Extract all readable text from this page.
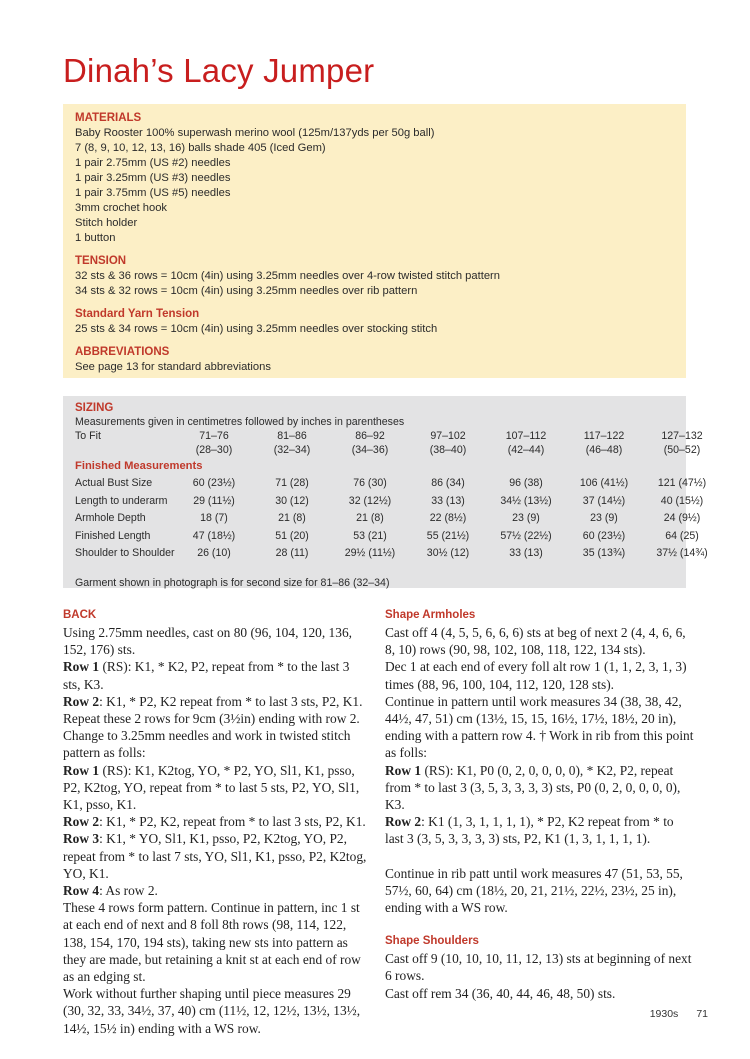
Dinah’s Lacy Jumper
MATERIALS
Baby Rooster 100% superwash merino wool (125m/137yds per 50g ball)
7 (8, 9, 10, 12, 13, 16) balls shade 405 (Iced Gem)
1 pair 2.75mm (US #2) needles
1 pair 3.25mm (US #3) needles
1 pair 3.75mm (US #5) needles
3mm crochet hook
Stitch holder
1 button
TENSION
32 sts & 36 rows = 10cm (4in) using 3.25mm needles over 4-row twisted stitch pattern
34 sts & 32 rows = 10cm (4in) using 3.25mm needles over rib pattern
Standard Yarn Tension
25 sts & 34 rows = 10cm (4in) using 3.25mm needles over stocking stitch
ABBREVIATIONS
See page 13 for standard abbreviations
SIZING
Measurements given in centimetres followed by inches in parentheses
To Fit	71–76	81–86	86–92	97–102	107–112	117–122	127–132
(28–30)	(32–34)	(34–36)	(38–40)	(42–44)	(46–48)	(50–52)
Finished Measurements
Actual Bust Size	60 (23½)	71 (28)	76 (30)	86 (34)	96 (38)	106 (41½)	121 (47½)
Length to underarm	29 (11½)	30 (12)	32 (12½)	33 (13)	34½ (13½)	37 (14½)	40 (15½)
Armhole Depth	18 (7)	21 (8)	21 (8)	22 (8½)	23 (9)	23 (9)	24 (9½)
Finished Length	47 (18½)	51 (20)	53 (21)	55 (21½)	57½ (22½)	60 (23½)	64 (25)
Shoulder to Shoulder	26 (10)	28 (11)	29½ (11½)	30½ (12)	33 (13)	35 (13¾)	37½ (14¾)
Garment shown in photograph is for second size for 81–86 (32–34)
BACK

Using 2.75mm needles, cast on 80 (96, 104, 120, 136, 152, 176) sts.

Row 1 (RS): K1, * K2, P2, repeat from * to the last 3 sts, K3.

Row 2: K1, * P2, K2 repeat from * to last 3 sts, P2, K1.

Repeat these 2 rows for 9cm (3½in) ending with row 2. Change to 3.25mm needles and work in twisted stitch pattern as folls:

Row 1 (RS): K1, K2tog, YO, * P2, YO, Sl1, K1, psso, P2, K2tog, YO, repeat from * to last 5 sts, P2, YO, Sl1, K1, psso, K1.

Row 2: K1, * P2, K2, repeat from * to last 3 sts, P2, K1.

Row 3: K1, * YO, Sl1, K1, psso, P2, K2tog, YO, P2, repeat from * to last 7 sts, YO, Sl1, K1, psso, P2, K2tog, YO, K1.

Row 4: As row 2.

These 4 rows form pattern. Continue in pattern, inc 1 st at each end of next and 8 foll 8th rows (98, 114, 122, 138, 154, 170, 194 sts), taking new sts into pattern as they are made, but retaining a knit st at each end of row as an edging st.

Work without further shaping until piece measures 29 (30, 32, 33, 34½, 37, 40) cm (11½, 12, 12½, 13½, 13½, 14½, 15½ in) ending with a WS row.

Shape Armholes

Cast off 4 (4, 5, 5, 6, 6, 6) sts at beg of next 2 (4, 4, 6, 6, 8, 10) rows (90, 98, 102, 108, 118, 122, 134 sts).

Dec 1 at each end of every foll alt row 1 (1, 1, 2, 3, 1, 3) times (88, 96, 100, 104, 112, 120, 128 sts).

Continue in pattern until work measures 34 (38, 38, 42, 44½, 47, 51) cm (13½, 15, 15, 16½, 17½, 18½, 20 in), ending with a pattern row 4. † Work in rib from this point as folls:

Row 1 (RS): K1, P0 (0, 2, 0, 0, 0, 0), * K2, P2, repeat from * to last 3 (3, 5, 3, 3, 3, 3) sts, P0 (0, 2, 0, 0, 0, 0), K3.

Row 2: K1 (1, 3, 1, 1, 1, 1), * P2, K2 repeat from * to last 3 (3, 5, 3, 3, 3, 3) sts, P2, K1 (1, 3, 1, 1, 1, 1).

Continue in rib patt until work measures 47 (51, 53, 55, 57½, 60, 64) cm (18½, 20, 21, 21½, 22½, 23½, 25 in), ending with a WS row.

Shape Shoulders

Cast off 9 (10, 10, 10, 11, 12, 13) sts at beginning of next 6 rows.

Cast off rem 34 (36, 40, 44, 46, 48, 50) sts.

1930s 71
